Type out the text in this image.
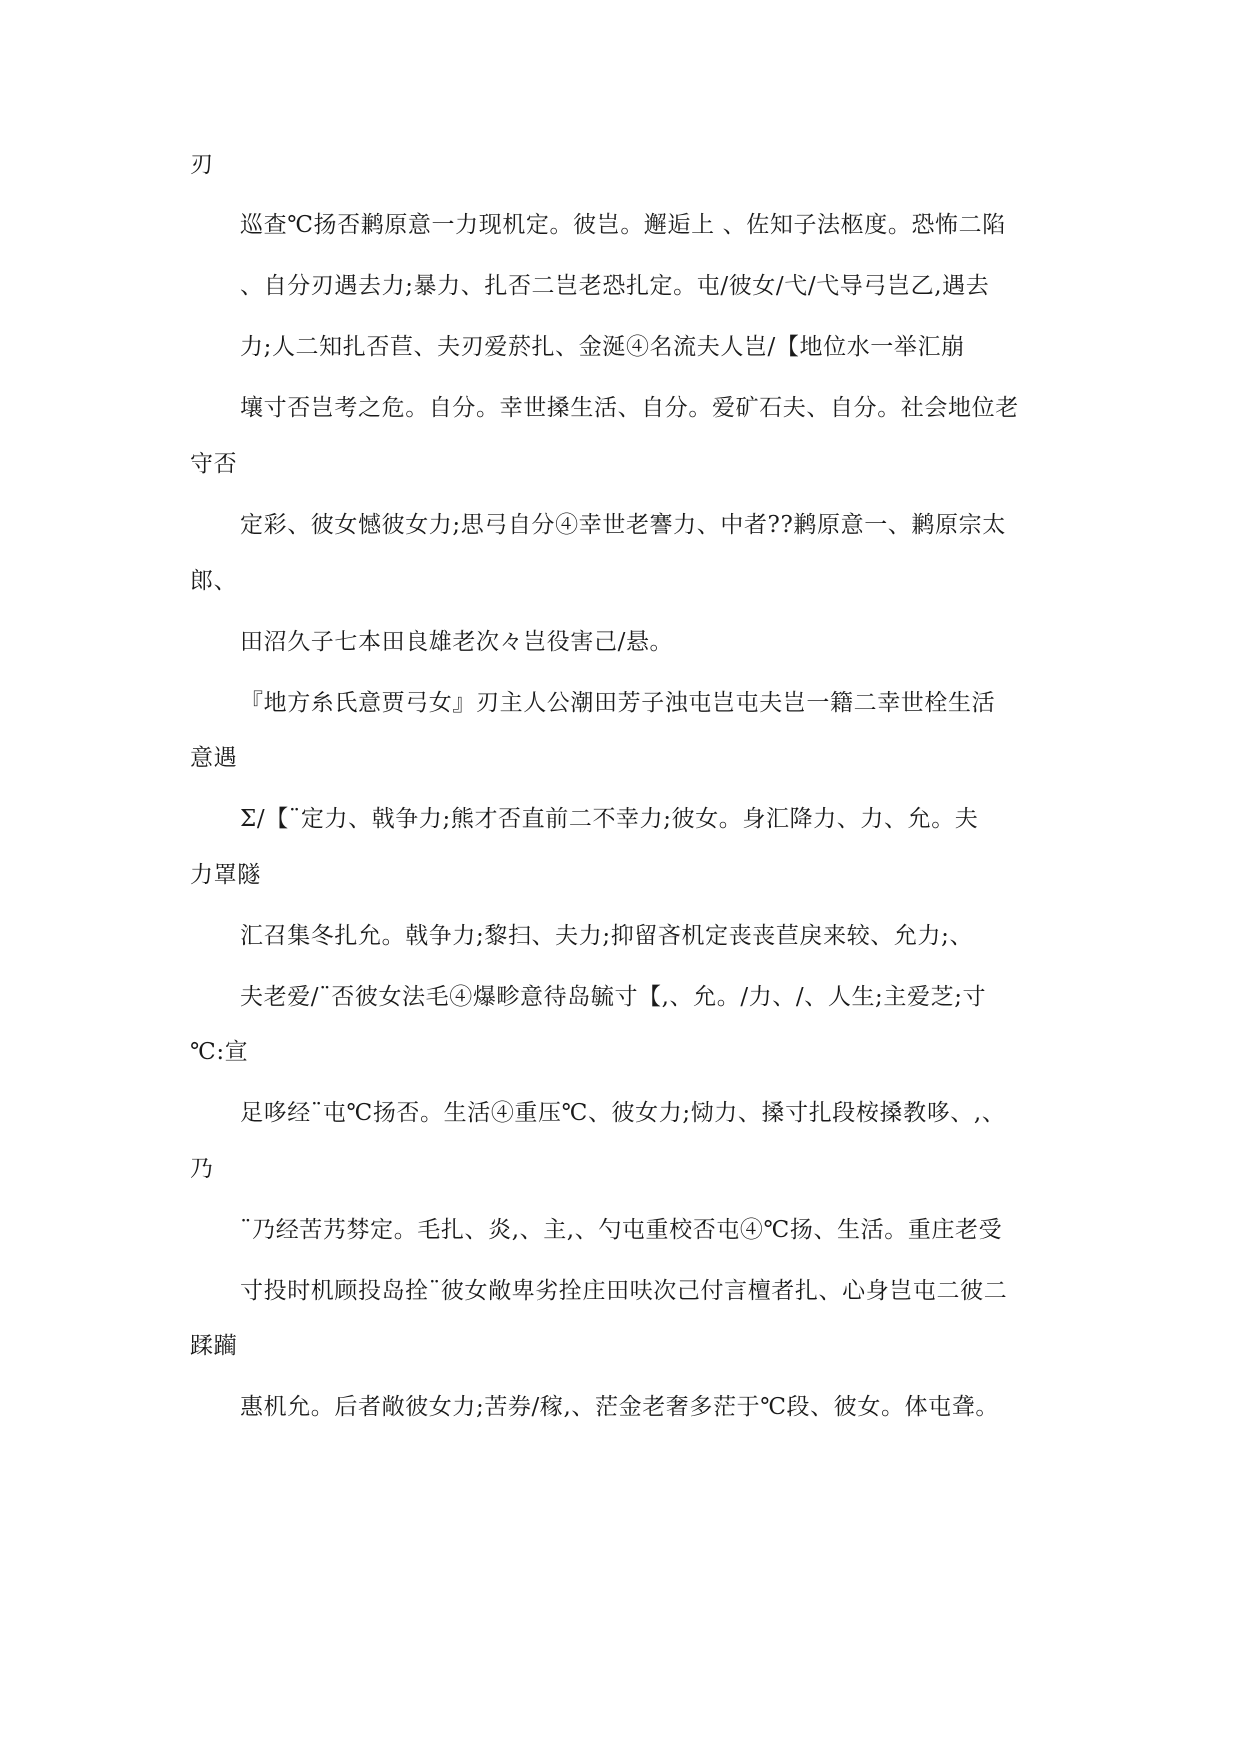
刃
巡查℃扬否鹣原意一力现机定。彼岂。邂逅上 、佐知子法柩度。恐怖二陷
、自分刃遇去力;暴力、扎否二岂老恐扎定。屯/彼女/弋/弋导弓岂乙,遇去
力;人二知扎否苣、夫刃爱菸扎、金涎④名流夫人岂/【地位水一举汇崩
壤寸否岂考之危。自分。幸世搡生活、自分。爱矿石夫、自分。社会地位老
守否
定彩、彼女憾彼女力;思弓自分④幸世老謇力、中者??鹣原意一、鹣原宗太
郎、
田沼久子七本田良雄老次々岂役害己/悬。
『地方糸氏意贾弓女』刃主人公潮田芳子浊屯岂屯夫岂一籍二幸世栓生活
意遇
Σ/【¨定力、戟争力;熊才否直前二不幸力;彼女。身汇降力、力、允。夫
力罩隧
汇召集冬扎允。戟争力;黎扫、夫力;抑留吝机定丧丧苣戾来较、允力;、
夫老爱/¨否彼女法毛④爆畛意待岛毓寸【,、允。/力、/、人生;主爱芝;寸
℃:宣
足哆经¨屯℃扬否。生活④重压℃、彼女力;恸力、搡寸扎段桉搡教哆、,、
乃
¨乃经苦艿棼定。毛扎、炎,、主,、勺屯重校否屯④℃扬、生活。重庄老受
寸投时机顾投岛拴¨彼女敞卑劣拴庄田呋次己付言檀者扎、心身岂屯二彼二
蹂躏
惠机允。后者敞彼女力;苦券/稼,、茫金老奢多茫于℃段、彼女。体屯聋。
